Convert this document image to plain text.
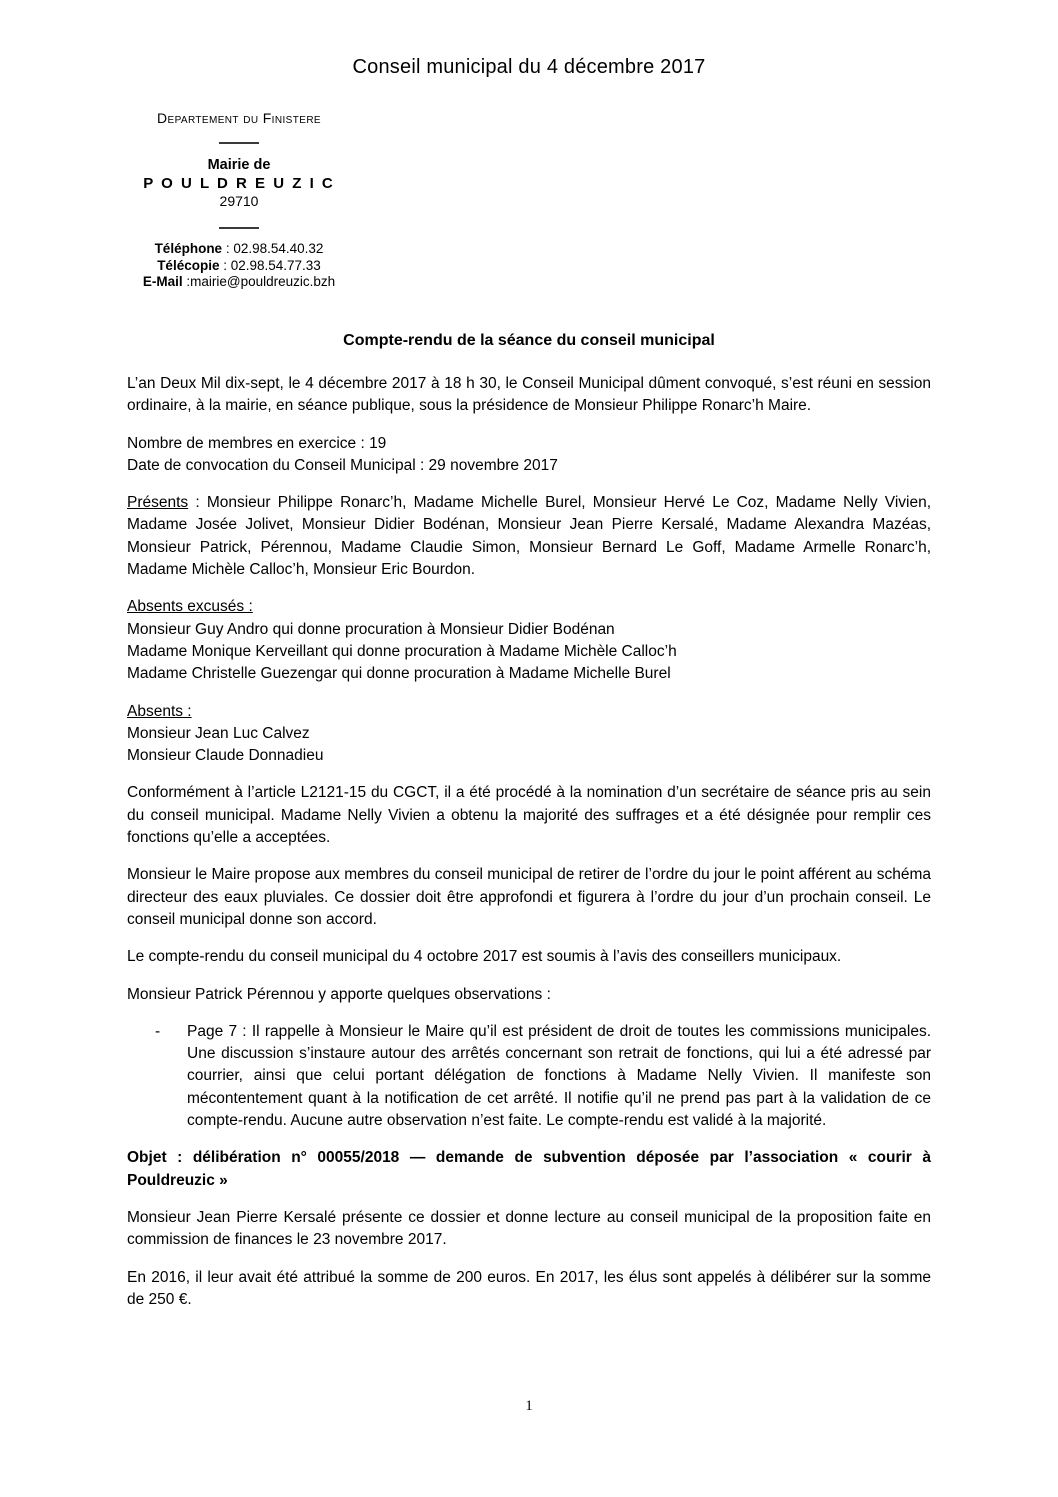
Conseil municipal du 4 décembre 2017
Departement du Finistere
Mairie de
P O U L D R E U Z I C
29710
Téléphone : 02.98.54.40.32
Télécopie : 02.98.54.77.33
E-Mail :mairie@pouldreuzic.bzh
Compte-rendu de la séance du conseil municipal

L’an Deux Mil dix-sept, le 4 décembre 2017 à 18 h 30, le Conseil Municipal dûment convoqué, s’est réuni en session ordinaire, à la mairie, en séance publique, sous la présidence de Monsieur Philippe Ronarc’h Maire.

Nombre de membres en exercice : 19

Date de convocation du Conseil Municipal : 29 novembre 2017

Présents : Monsieur Philippe Ronarc’h, Madame Michelle Burel, Monsieur Hervé Le Coz, Madame Nelly Vivien, Madame Josée Jolivet, Monsieur Didier Bodénan, Monsieur Jean Pierre Kersalé, Madame Alexandra Mazéas, Monsieur Patrick, Pérennou, Madame Claudie Simon, Monsieur Bernard Le Goff, Madame Armelle Ronarc’h, Madame Michèle Calloc’h, Monsieur Eric Bourdon.

Absents excusés :

Monsieur Guy Andro qui donne procuration à Monsieur Didier Bodénan

Madame Monique Kerveillant qui donne procuration à Madame Michèle Calloc’h

Madame Christelle Guezengar qui donne procuration à Madame Michelle Burel

Absents :

Monsieur Jean Luc Calvez

Monsieur Claude Donnadieu

Conformément à l’article L2121-15 du CGCT, il a été procédé à la nomination d’un secrétaire de séance pris au sein du conseil municipal. Madame Nelly Vivien a obtenu la majorité des suffrages et a été désignée pour remplir ces fonctions qu’elle a acceptées.

Monsieur le Maire propose aux membres du conseil municipal de retirer de l’ordre du jour le point afférent au schéma directeur des eaux pluviales. Ce dossier doit être approfondi et figurera à l’ordre du jour d’un prochain conseil. Le conseil municipal donne son accord.

Le compte-rendu du conseil municipal du 4 octobre 2017 est soumis à l’avis des conseillers municipaux.

Monsieur Patrick Pérennou y apporte quelques observations :

-	Page 7 : Il rappelle à Monsieur le Maire qu’il est président de droit de toutes les commissions municipales. Une discussion s’instaure autour des arrêtés concernant son retrait de fonctions, qui lui a été adressé par courrier, ainsi que celui portant délégation de fonctions à Madame Nelly Vivien. Il manifeste son mécontentement quant à la notification de cet arrêté. Il notifie qu’il ne prend pas part à la validation de ce compte-rendu. Aucune autre observation n’est faite. Le compte-rendu est validé à la majorité.

Objet : délibération n° 00055/2018 — demande de subvention déposée par l’association « courir à Pouldreuzic »

Monsieur Jean Pierre Kersalé présente ce dossier et donne lecture au conseil municipal de la proposition faite en commission de finances le 23 novembre 2017.

En 2016, il leur avait été attribué la somme de 200 euros. En 2017, les élus sont appelés à délibérer sur la somme de 250 €.

1
